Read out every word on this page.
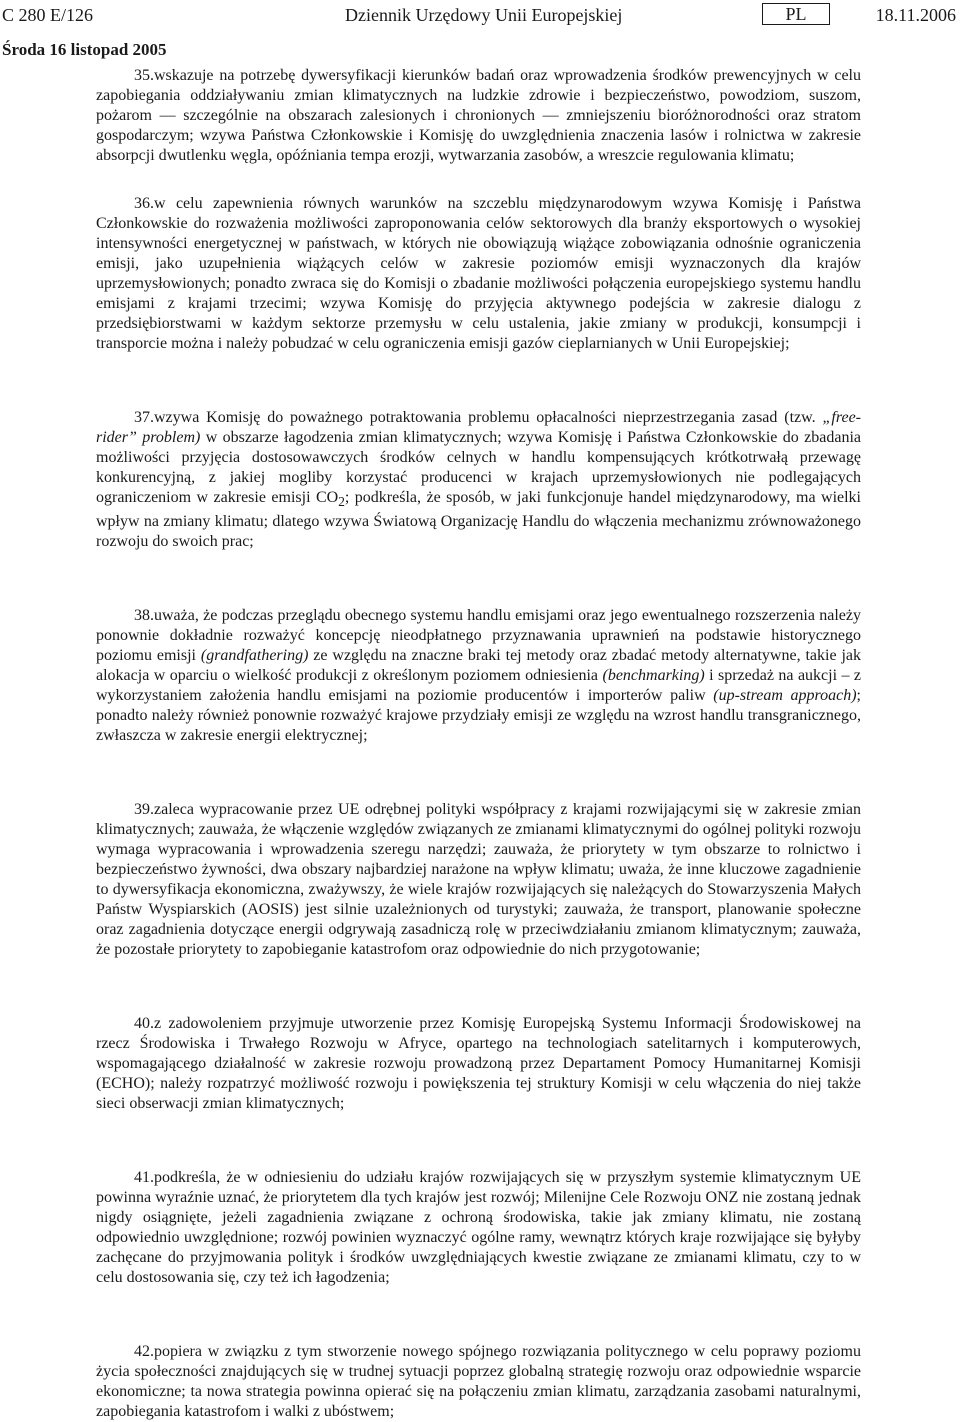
C 280 E/126	Dziennik Urzędowy Unii Europejskiej	PL	18.11.2006
Środa 16 listopad 2005

35.wskazuje na potrzebę dywersyfikacji kierunków badań oraz wprowadzenia środków prewencyjnych w celu zapobiegania oddziaływaniu zmian klimatycznych na ludzkie zdrowie i bezpieczeństwo, powodziom, suszom, pożarom — szczególnie na obszarach zalesionych i chronionych — zmniejszeniu bioróżnorodności oraz stratom gospodarczym; wzywa Państwa Członkowskie i Komisję do uwzględnienia znaczenia lasów i rolnictwa w zakresie absorpcji dwutlenku węgla, opóźniania tempa erozji, wytwarzania zasobów, a wreszcie regulowania klimatu;

36.w celu zapewnienia równych warunków na szczeblu międzynarodowym wzywa Komisję i Państwa Członkowskie do rozważenia możliwości zaproponowania celów sektorowych dla branży eksportowych o wysokiej intensywności energetycznej w państwach, w których nie obowiązują wiążące zobowiązania odnośnie ograniczenia emisji, jako uzupełnienia wiążących celów w zakresie poziomów emisji wyznaczonych dla krajów uprzemysłowionych; ponadto zwraca się do Komisji o zbadanie możliwości połączenia europejskiego systemu handlu emisjami z krajami trzecimi; wzywa Komisję do przyjęcia aktywnego podejścia w zakresie dialogu z przedsiębiorstwami w każdym sektorze przemysłu w celu ustalenia, jakie zmiany w produkcji, konsumpcji i transporcie można i należy pobudzać w celu ograniczenia emisji gazów cieplarnianych w Unii Europejskiej;

37.wzywa Komisję do poważnego potraktowania problemu opłacalności nieprzestrzegania zasad (tzw. „free-rider” problem) w obszarze łagodzenia zmian klimatycznych; wzywa Komisję i Państwa Członkowskie do zbadania możliwości przyjęcia dostosowawczych środków celnych w handlu kompensujących krótkotrwałą przewagę konkurencyjną, z jakiej mogliby korzystać producenci w krajach uprzemysłowionych nie podlegających ograniczeniom w zakresie emisji $CO_2$; podkreśla, że sposób, w jaki funkcjonuje handel międzynarodowy, ma wielki wpływ na zmiany klimatu; dlatego wzywa Światową Organizację Handlu do włączenia mechanizmu zrównoważonego rozwoju do swoich prac;

38.uważa, że podczas przeglądu obecnego systemu handlu emisjami oraz jego ewentualnego rozszerzenia należy ponownie dokładnie rozważyć koncepcję nieodpłatnego przyznawania uprawnień na podstawie historycznego poziomu emisji (grandfathering) ze względu na znaczne braki tej metody oraz zbadać metody alternatywne, takie jak alokacja w oparciu o wielkość produkcji z określonym poziomem odniesienia (benchmarking) i sprzedaż na aukcji – z wykorzystaniem założenia handlu emisjami na poziomie producentów i importerów paliw (up-stream approach); ponadto należy również ponownie rozważyć krajowe przydziały emisji ze względu na wzrost handlu transgranicznego, zwłaszcza w zakresie energii elektrycznej;

39.zaleca wypracowanie przez UE odrębnej polityki współpracy z krajami rozwijającymi się w zakresie zmian klimatycznych; zauważa, że włączenie względów związanych ze zmianami klimatycznymi do ogólnej polityki rozwoju wymaga wypracowania i wprowadzenia szeregu narzędzi; zauważa, że priorytety w tym obszarze to rolnictwo i bezpieczeństwo żywności, dwa obszary najbardziej narażone na wpływ klimatu; uważa, że inne kluczowe zagadnienie to dywersyfikacja ekonomiczna, zważywszy, że wiele krajów rozwijających się należących do Stowarzyszenia Małych Państw Wyspiarskich (AOSIS) jest silnie uzależnionych od turystyki; zauważa, że transport, planowanie społeczne oraz zagadnienia dotyczące energii odgrywają zasadniczą rolę w przeciwdziałaniu zmianom klimatycznym; zauważa, że pozostałe priorytety to zapobieganie katastrofom oraz odpowiednie do nich przygotowanie;

40.z zadowoleniem przyjmuje utworzenie przez Komisję Europejską Systemu Informacji Środowiskowej na rzecz Środowiska i Trwałego Rozwoju w Afryce, opartego na technologiach satelitarnych i komputerowych, wspomagającego działalność w zakresie rozwoju prowadzoną przez Departament Pomocy Humanitarnej Komisji (ECHO); należy rozpatrzyć możliwość rozwoju i powiększenia tej struktury Komisji w celu włączenia do niej także sieci obserwacji zmian klimatycznych;

41.podkreśla, że w odniesieniu do udziału krajów rozwijających się w przyszłym systemie klimatycznym UE powinna wyraźnie uznać, że priorytetem dla tych krajów jest rozwój; Milenijne Cele Rozwoju ONZ nie zostaną jednak nigdy osiągnięte, jeżeli zagadnienia związane z ochroną środowiska, takie jak zmiany klimatu, nie zostaną odpowiednio uwzględnione; rozwój powinien wyznaczyć ogólne ramy, wewnątrz których kraje rozwijające się byłyby zachęcane do przyjmowania polityk i środków uwzględniających kwestie związane ze zmianami klimatu, czy to w celu dostosowania się, czy też ich łagodzenia;

42.popiera w związku z tym stworzenie nowego spójnego rozwiązania politycznego w celu poprawy poziomu życia społeczności znajdujących się w trudnej sytuacji poprzez globalną strategię rozwoju oraz odpowiednie wsparcie ekonomiczne; ta nowa strategia powinna opierać się na połączeniu zmian klimatu, zarządzania zasobami naturalnymi, zapobiegania katastrofom i walki z ubóstwem;
